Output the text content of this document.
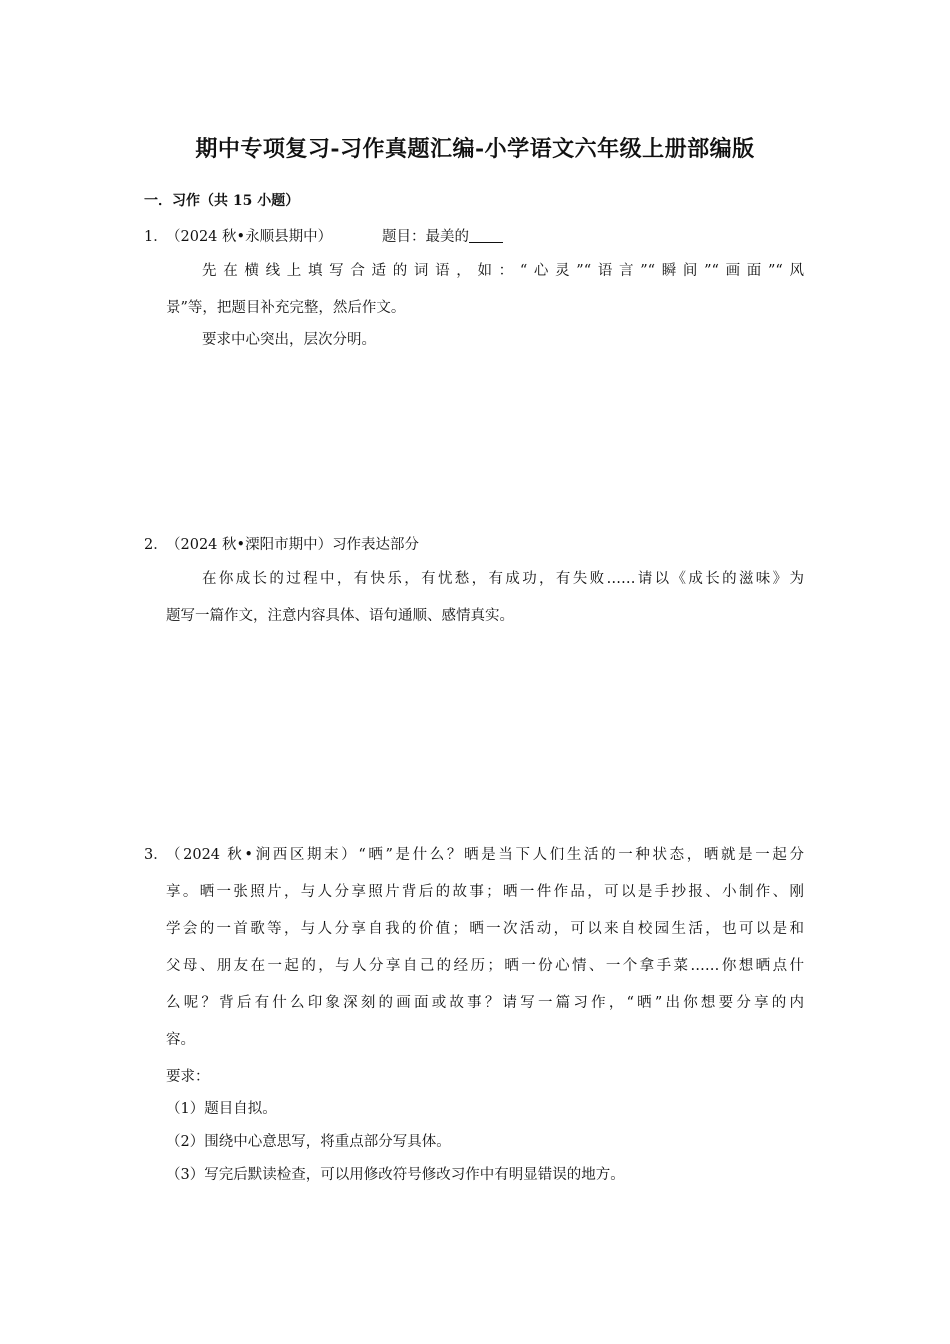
期中专项复习-习作真题汇编-小学语文六年级上册部编版
一．习作（共 15 小题）
1．
（2024 秋•永顺县期中）	题目：最美的
先在横线上填写合适的词语，如：“心灵”“语言”“瞬间”“画面”“风
景”等，把题目补充完整，然后作文。
要求中心突出，层次分明。
2．
（2024 秋•溧阳市期中）习作表达部分
在你成长的过程中，有快乐，有忧愁，有成功，有失败……请以《成长的滋味》为
题写一篇作文，注意内容具体、语句通顺、感情真实。
3．
（2024 秋•涧西区期末）“晒”是什么？晒是当下人们生活的一种状态，晒就是一起分
享。晒一张照片，与人分享照片背后的故事；晒一件作品，可以是手抄报、小制作、刚
学会的一首歌等，与人分享自我的价值；晒一次活动，可以来自校园生活，也可以是和
父母、朋友在一起的，与人分享自己的经历；晒一份心情、一个拿手菜……你想晒点什
么呢？背后有什么印象深刻的画面或故事？请写一篇习作，“晒”出你想要分享的内
容。
要求：
（1）题目自拟。
（2）围绕中心意思写，将重点部分写具体。
（3）写完后默读检查，可以用修改符号修改习作中有明显错误的地方。
